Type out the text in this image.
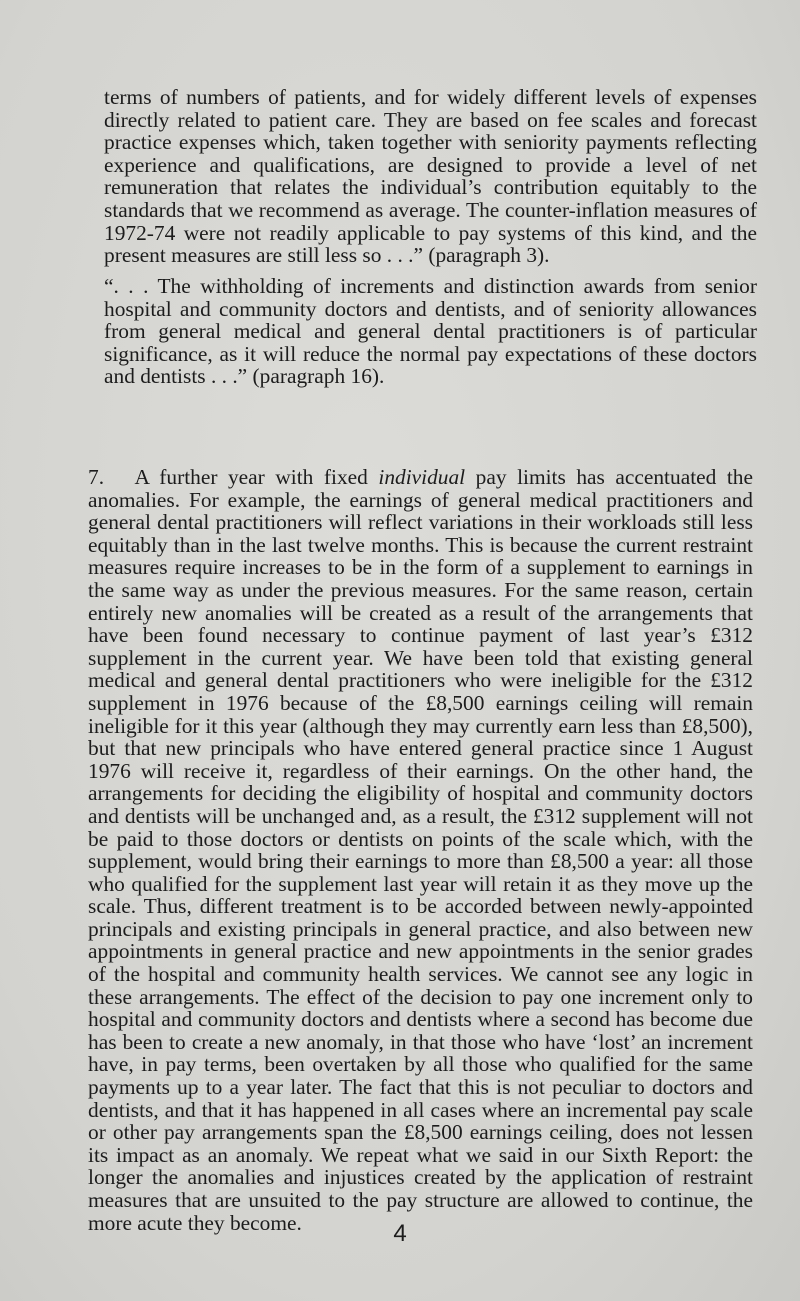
terms of numbers of patients, and for widely different levels of expenses directly related to patient care. They are based on fee scales and forecast practice expenses which, taken together with seniority payments reflecting experience and qualifications, are designed to provide a level of net remuneration that relates the individual’s contribution equitably to the standards that we recommend as average. The counter-inflation measures of 1972-74 were not readily applicable to pay systems of this kind, and the present measures are still less so . . .” (paragraph 3).

“. . . The withholding of increments and distinction awards from senior hospital and community doctors and dentists, and of seniority allowances from general medical and general dental practitioners is of particular significance, as it will reduce the normal pay expectations of these doctors and dentists . . .” (paragraph 16).

7.   A further year with fixed individual pay limits has accentuated the anomalies. For example, the earnings of general medical practitioners and general dental practitioners will reflect variations in their workloads still less equitably than in the last twelve months. This is because the current restraint measures require increases to be in the form of a supplement to earnings in the same way as under the previous measures. For the same reason, certain entirely new anomalies will be created as a result of the arrangements that have been found necessary to continue payment of last year’s £312 supplement in the current year. We have been told that existing general medical and general dental practitioners who were ineligible for the £312 supplement in 1976 because of the £8,500 earnings ceiling will remain ineligible for it this year (although they may currently earn less than £8,500), but that new principals who have entered general practice since 1 August 1976 will receive it, regardless of their earnings. On the other hand, the arrangements for deciding the eligibility of hospital and community doctors and dentists will be unchanged and, as a result, the £312 supplement will not be paid to those doctors or dentists on points of the scale which, with the supplement, would bring their earnings to more than £8,500 a year: all those who qualified for the supplement last year will retain it as they move up the scale. Thus, different treatment is to be accorded between newly-appointed principals and existing principals in general practice, and also between new appointments in general practice and new appointments in the senior grades of the hospital and community health services. We cannot see any logic in these arrangements. The effect of the decision to pay one increment only to hospital and community doctors and dentists where a second has become due has been to create a new anomaly, in that those who have ‘lost’ an increment have, in pay terms, been overtaken by all those who qualified for the same payments up to a year later. The fact that this is not peculiar to doctors and dentists, and that it has happened in all cases where an incremental pay scale or other pay arrangements span the £8,500 earnings ceiling, does not lessen its impact as an anomaly. We repeat what we said in our Sixth Report: the longer the anomalies and injustices created by the application of restraint measures that are unsuited to the pay structure are allowed to continue, the more acute they become.	4
